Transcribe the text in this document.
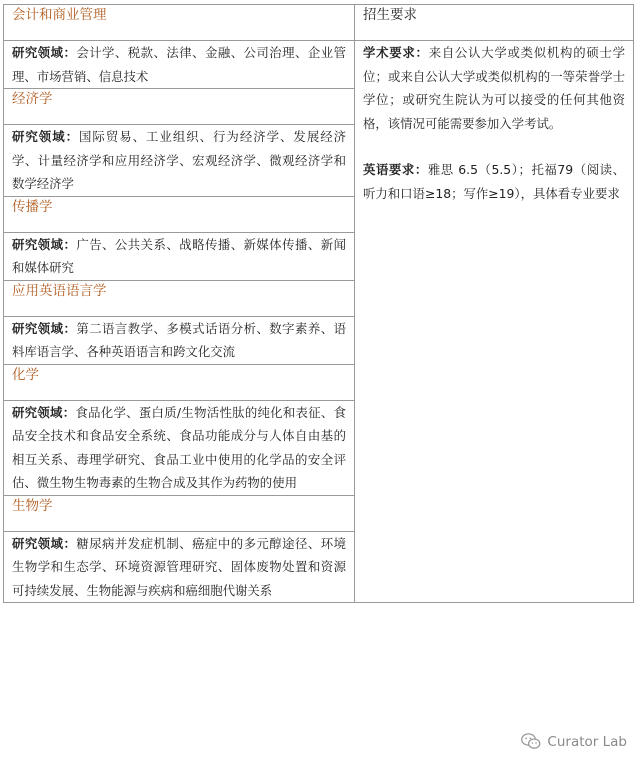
会计和商业管理	招生要求
研究领域：会计学、税款、法律、金融、公司治理、企业管理、市场营销、信息技术	学术要求：来自公认大学或类似机构的硕士学位；或来自公认大学或类似机构的一等荣誉学士学位；或研究生院认为可以接受的任何其他资格，该情况可能需要参加入学考试。

英语要求：雅思 6.5（5.5）；托福79（阅读、听力和口语≥18；写作≥19），具体看专业要求

经济学	
研究领域：国际贸易、工业组织、行为经济学、发展经济学、计量经济学和应用经济学、宏观经济学、微观经济学和数学经济学	
传播学	
研究领域：广告、公共关系、战略传播、新媒体传播、新闻和媒体研究	
应用英语语言学	
研究领域：第二语言教学、多模式话语分析、数字素养、语料库语言学、各种英语语言和跨文化交流	
化学	
研究领域：食品化学、蛋白质/生物活性肽的纯化和表征、食品安全技术和食品安全系统、食品功能成分与人体自由基的相互关系、毒理学研究、食品工业中使用的化学品的安全评估、微生物生物毒素的生物合成及其作为药物的使用	
生物学	
研究领域：糖尿病并发症机制、癌症中的多元醇途径、环境生物学和生态学、环境资源管理研究、固体废物处置和资源可持续发展、生物能源与疾病和癌细胞代谢关系	
Curator Lab
